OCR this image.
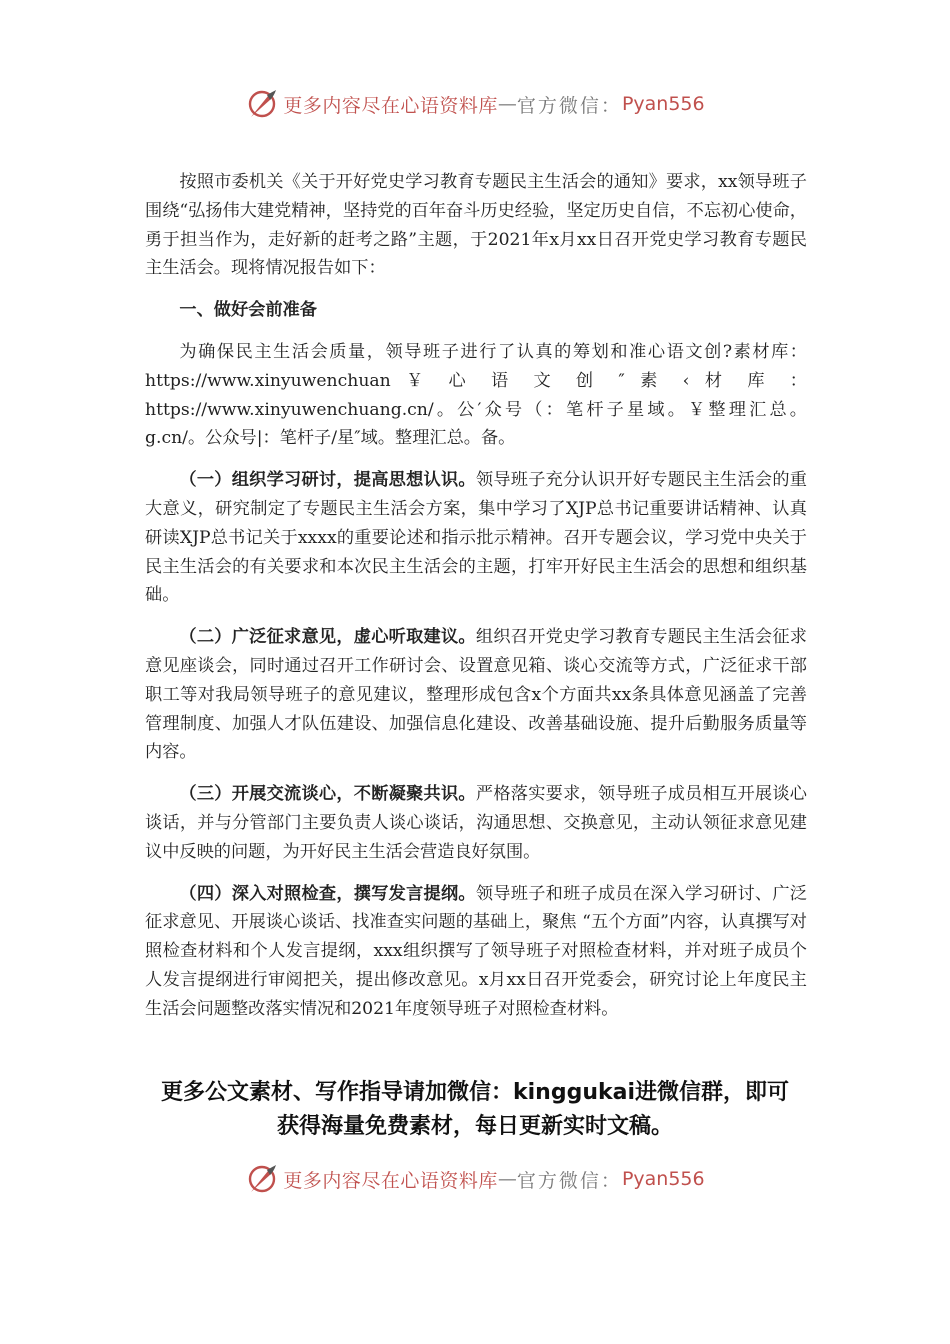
更多内容尽在心语资料库 — 官方微信： Pyan556

按照市委机关《关于开好党史学习教育专题民主生活会的通知》要求，xx领导班子围绕“弘扬伟大建党精神，坚持党的百年奋斗历史经验，坚定历史自信，不忘初心使命，勇于担当作为，走好新的赶考之路”主题，于2021年x月xx日召开党史学习教育专题民主生活会。现将情况报告如下：

一、做好会前准备

为确保民主生活会质量，领导班子进行了认真的筹划和准心语文创?素材库：https://www.xinyuwenchuan ￥ 心 语 文 创 ″ 素 ‹ 材 库 ： https://www.xinyuwenchuang.cn/。公′众号（：笔杆子星域。￥整理汇总。g.cn/。公众号|：笔杆子/星″域。整理汇总。备。

（一）组织学习研讨，提高思想认识。领导班子充分认识开好专题民主生活会的重大意义，研究制定了专题民主生活会方案，集中学习了XJP总书记重要讲话精神、认真研读XJP总书记关于xxxx的重要论述和指示批示精神。召开专题会议，学习党中央关于民主生活会的有关要求和本次民主生活会的主题，打牢开好民主生活会的思想和组织基础。

（二）广泛征求意见，虚心听取建议。组织召开党史学习教育专题民主生活会征求意见座谈会，同时通过召开工作研讨会、设置意见箱、谈心交流等方式，广泛征求干部职工等对我局领导班子的意见建议，整理形成包含x个方面共xx条具体意见涵盖了完善管理制度、加强人才队伍建设、加强信息化建设、改善基础设施、提升后勤服务质量等内容。

（三）开展交流谈心，不断凝聚共识。严格落实要求，领导班子成员相互开展谈心谈话，并与分管部门主要负责人谈心谈话，沟通思想、交换意见，主动认领征求意见建议中反映的问题，为开好民主生活会营造良好氛围。

（四）深入对照检查，撰写发言提纲。领导班子和班子成员在深入学习研讨、广泛征求意见、开展谈心谈话、找准查实问题的基础上，聚焦 “五个方面”内容，认真撰写对照检查材料和个人发言提纲，xxx组织撰写了领导班子对照检查材料，并对班子成员个人发言提纲进行审阅把关，提出修改意见。x月xx日召开党委会，研究讨论上年度民主生活会问题整改落实情况和2021年度领导班子对照检查材料。

更多公文素材、写作指导请加微信：kinggukai进微信群，即可
获得海量免费素材，每日更新实时文稿。
更多内容尽在心语资料库 — 官方微信： Pyan556
